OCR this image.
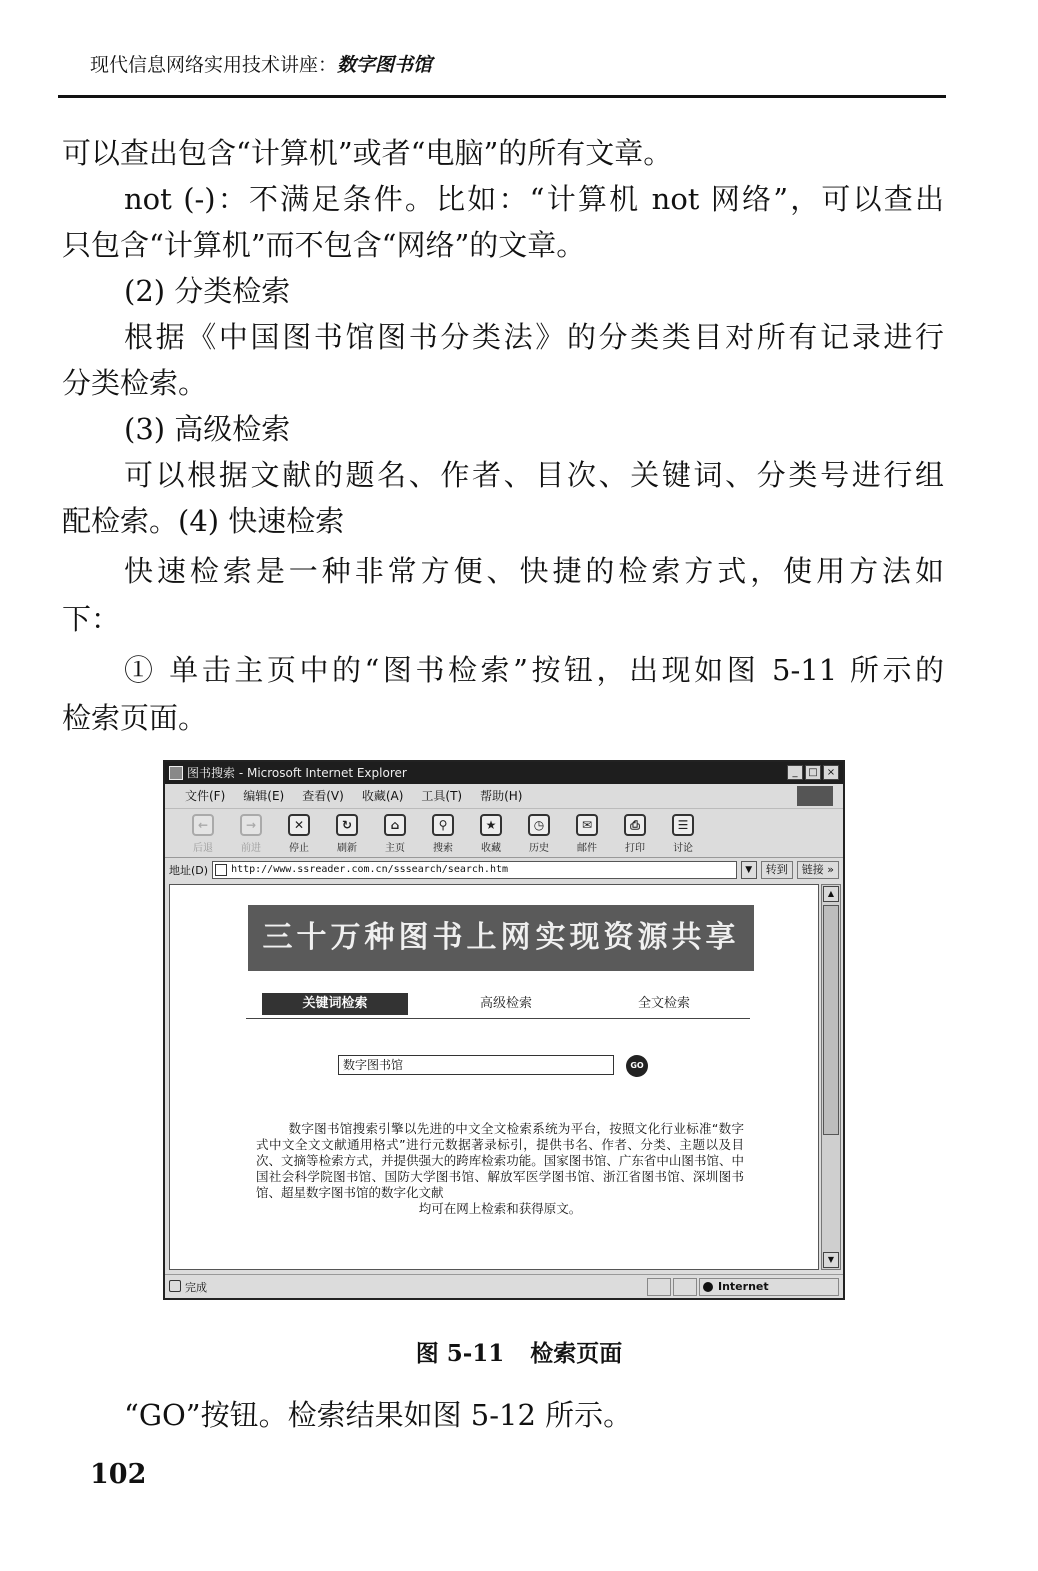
现代信息网络实用技术讲座：数字图书馆
可以查出包含“计算机”或者“电脑”的所有文章。
not (-)：不满足条件。比如：“计算机 not 网络”，可以查出
只包含“计算机”而不包含“网络”的文章。
(2) 分类检索
根据《中国图书馆图书分类法》的分类类目对所有记录进行
分类检索。
(3) 高级检索
可以根据文献的题名、作者、目次、关键词、分类号进行组
配检索。(4) 快速检索
快速检索是一种非常方便、快捷的检索方式，使用方法如
下：
① 单击主页中的“图书检索”按钮，出现如图 5-11 所示的
检索页面。
图书搜索 - Microsoft Internet Explorer	_	□ ×
文件(F) 编辑(E) 查看(V) 收藏(A) 工具(T) 帮助(H)
←
后退
→
前进
✕
停止
↻
刷新
⌂
主页
⚲
搜索
★
收藏
◷
历史
✉
邮件
⎙
打印
☰
讨论
地址(D)	http://www.ssreader.com.cn/sssearch/search.htm	▼	转到	链接 »
三十万种图书上网 实现资源共享
关键词检索	高级检索	全文检索
数字图书馆	GO
数字图书馆搜索引擎以先进的中文全文检索系统为平台，按照文化行业标准“数字式中文全文文献通用格式”进行元数据著录标引，提供书名、作者、分类、主题以及目次、文摘等检索方式，并提供强大的跨库检索功能。国家图书馆、广东省中山图书馆、中国社会科学院图书馆、国防大学图书馆、解放军医学图书馆、浙江省图书馆、深圳图书馆、超星数字图书馆的数字化文献
均可在网上检索和获得原文。
▲
▼
完成	Internet
图 5-11 检索页面
“GO”按钮。检索结果如图 5-12 所示。
102
